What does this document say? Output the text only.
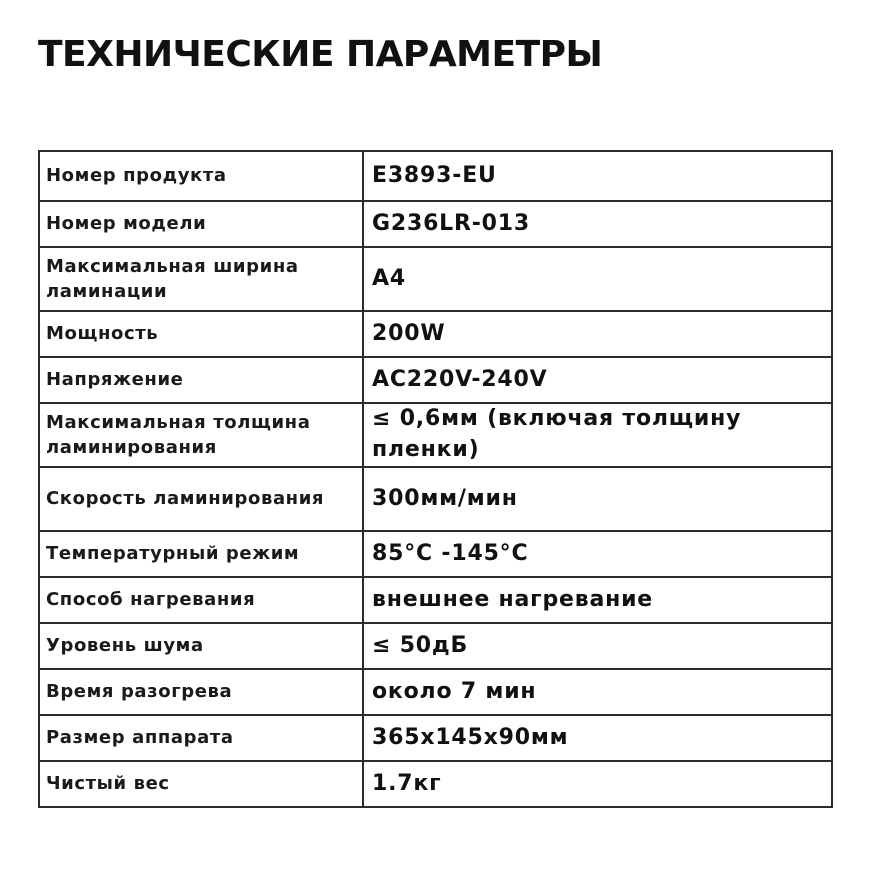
ТЕХНИЧЕСКИЕ ПАРАМЕТРЫ
Номер продукта	E3893-EU
Номер модели	G236LR-013
Максимальная ширина ламинации	A4
Мощность	200W
Напряжение	AC220V-240V
Максимальная толщина ламинирования	≤ 0,6мм (включая толщину пленки)
Скорость ламинирования	300мм/мин
Температурный режим	85°C -145°C
Способ нагревания	внешнее нагревание
Уровень шума	≤ 50дБ
Время разогрева	около 7 мин
Размер аппарата	365x145x90мм
Чистый вес	1.7кг
